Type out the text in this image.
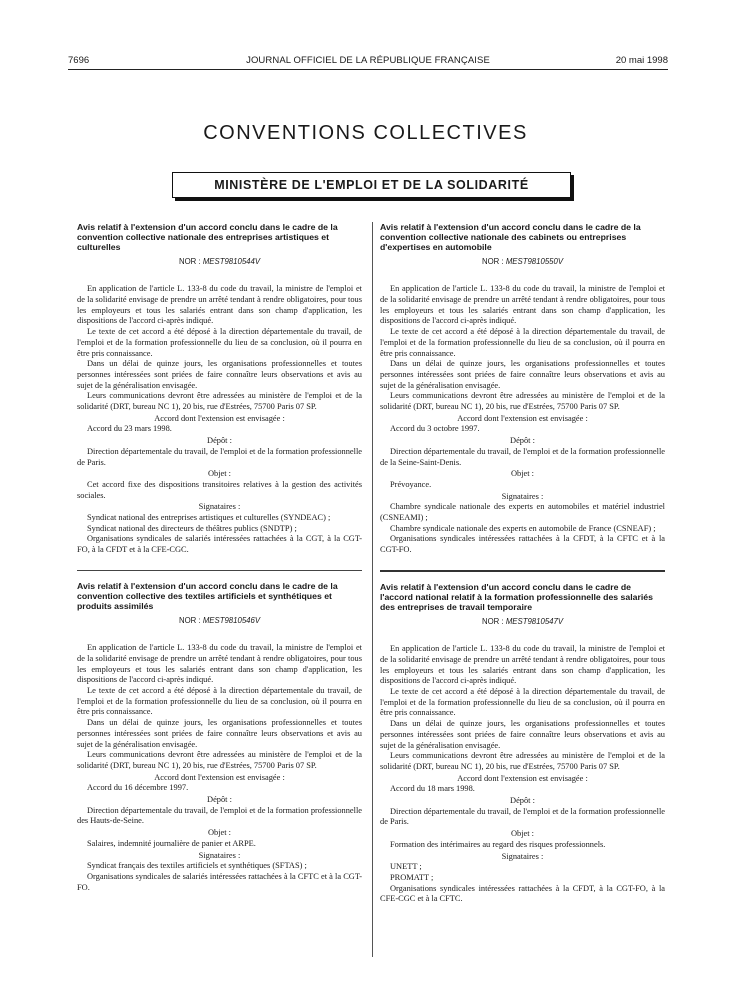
7696	JOURNAL OFFICIEL DE LA RÉPUBLIQUE FRANÇAISE	20 mai 1998
CONVENTIONS COLLECTIVES
MINISTÈRE DE L'EMPLOI ET DE LA SOLIDARITÉ
Avis relatif à l'extension d'un accord conclu dans le cadre de la convention collective nationale des entreprises artistiques et culturelles
NOR : MEST9810544V

En application de l'article L. 133-8 du code du travail, la ministre de l'emploi et de la solidarité envisage de prendre un arrêté tendant à rendre obligatoires, pour tous les employeurs et tous les salariés entrant dans son champ d'application, les dispositions de l'accord ci-après indiqué.

Le texte de cet accord a été déposé à la direction départementale du travail, de l'emploi et de la formation professionnelle du lieu de sa conclusion, où il pourra en être pris connaissance.

Dans un délai de quinze jours, les organisations professionnelles et toutes personnes intéressées sont priées de faire connaître leurs observations et avis au sujet de la généralisation envisagée.

Leurs communications devront être adressées au ministère de l'emploi et de la solidarité (DRT, bureau NC 1), 20 bis, rue d'Estrées, 75700 Paris 07 SP.

Accord dont l'extension est envisagée :

Accord du 23 mars 1998.

Dépôt :

Direction départementale du travail, de l'emploi et de la formation professionnelle de Paris.

Objet :

Cet accord fixe des dispositions transitoires relatives à la gestion des activités sociales.

Signataires :

Syndicat national des entreprises artistiques et culturelles (SYNDEAC) ;

Syndicat national des directeurs de théâtres publics (SNDTP) ;

Organisations syndicales de salariés intéressées rattachées à la CGT, à la CGT-FO, à la CFDT et à la CFE-CGC.

Avis relatif à l'extension d'un accord conclu dans le cadre de la convention collective des textiles artificiels et synthétiques et produits assimilés
NOR : MEST9810546V

En application de l'article L. 133-8 du code du travail, la ministre de l'emploi et de la solidarité envisage de prendre un arrêté tendant à rendre obligatoires, pour tous les employeurs et tous les salariés entrant dans son champ d'application, les dispositions de l'accord ci-après indiqué.

Le texte de cet accord a été déposé à la direction départementale du travail, de l'emploi et de la formation professionnelle du lieu de sa conclusion, où il pourra en être pris connaissance.

Dans un délai de quinze jours, les organisations professionnelles et toutes personnes intéressées sont priées de faire connaître leurs observations et avis au sujet de la généralisation envisagée.

Leurs communications devront être adressées au ministère de l'emploi et de la solidarité (DRT, bureau NC 1), 20 bis, rue d'Estrées, 75700 Paris 07 SP.

Accord dont l'extension est envisagée :

Accord du 16 décembre 1997.

Dépôt :

Direction départementale du travail, de l'emploi et de la formation professionnelle des Hauts-de-Seine.

Objet :

Salaires, indemnité journalière de panier et ARPE.

Signataires :

Syndicat français des textiles artificiels et synthétiques (SFTAS) ;

Organisations syndicales de salariés intéressées rattachées à la CFTC et à la CGT-FO.

Avis relatif à l'extension d'un accord conclu dans le cadre de la convention collective nationale des cabinets ou entreprises d'expertises en automobile
NOR : MEST9810550V

En application de l'article L. 133-8 du code du travail, la ministre de l'emploi et de la solidarité envisage de prendre un arrêté tendant à rendre obligatoires, pour tous les employeurs et tous les salariés entrant dans son champ d'application, les dispositions de l'accord ci-après indiqué.

Le texte de cet accord a été déposé à la direction départementale du travail, de l'emploi et de la formation professionnelle du lieu de sa conclusion, où il pourra en être pris connaissance.

Dans un délai de quinze jours, les organisations professionnelles et toutes personnes intéressées sont priées de faire connaître leurs observations et avis au sujet de la généralisation envisagée.

Leurs communications devront être adressées au ministère de l'emploi et de la solidarité (DRT, bureau NC 1), 20 bis, rue d'Estrées, 75700 Paris 07 SP.

Accord dont l'extension est envisagée :

Accord du 3 octobre 1997.

Dépôt :

Direction départementale du travail, de l'emploi et de la formation professionnelle de la Seine-Saint-Denis.

Objet :

Prévoyance.

Signataires :

Chambre syndicale nationale des experts en automobiles et matériel industriel (CSNEAMI) ;

Chambre syndicale nationale des experts en automobile de France (CSNEAF) ;

Organisations syndicales intéressées rattachées à la CFDT, à la CFTC et à la CGT-FO.

Avis relatif à l'extension d'un accord conclu dans le cadre de l'accord national relatif à la formation professionnelle des salariés des entreprises de travail temporaire
NOR : MEST9810547V

En application de l'article L. 133-8 du code du travail, la ministre de l'emploi et de la solidarité envisage de prendre un arrêté tendant à rendre obligatoires, pour tous les employeurs et tous les salariés entrant dans son champ d'application, les dispositions de l'accord ci-après indiqué.

Le texte de cet accord a été déposé à la direction départementale du travail, de l'emploi et de la formation professionnelle du lieu de sa conclusion, où il pourra en être pris connaissance.

Dans un délai de quinze jours, les organisations professionnelles et toutes personnes intéressées sont priées de faire connaître leurs observations et avis au sujet de la généralisation envisagée.

Leurs communications devront être adressées au ministère de l'emploi et de la solidarité (DRT, bureau NC 1), 20 bis, rue d'Estrées, 75700 Paris 07 SP.

Accord dont l'extension est envisagée :

Accord du 18 mars 1998.

Dépôt :

Direction départementale du travail, de l'emploi et de la formation professionnelle de Paris.

Objet :

Formation des intérimaires au regard des risques professionnels.

Signataires :

UNETT ;

PROMATT ;

Organisations syndicales intéressées rattachées à la CFDT, à la CGT-FO, à la CFE-CGC et à la CFTC.
